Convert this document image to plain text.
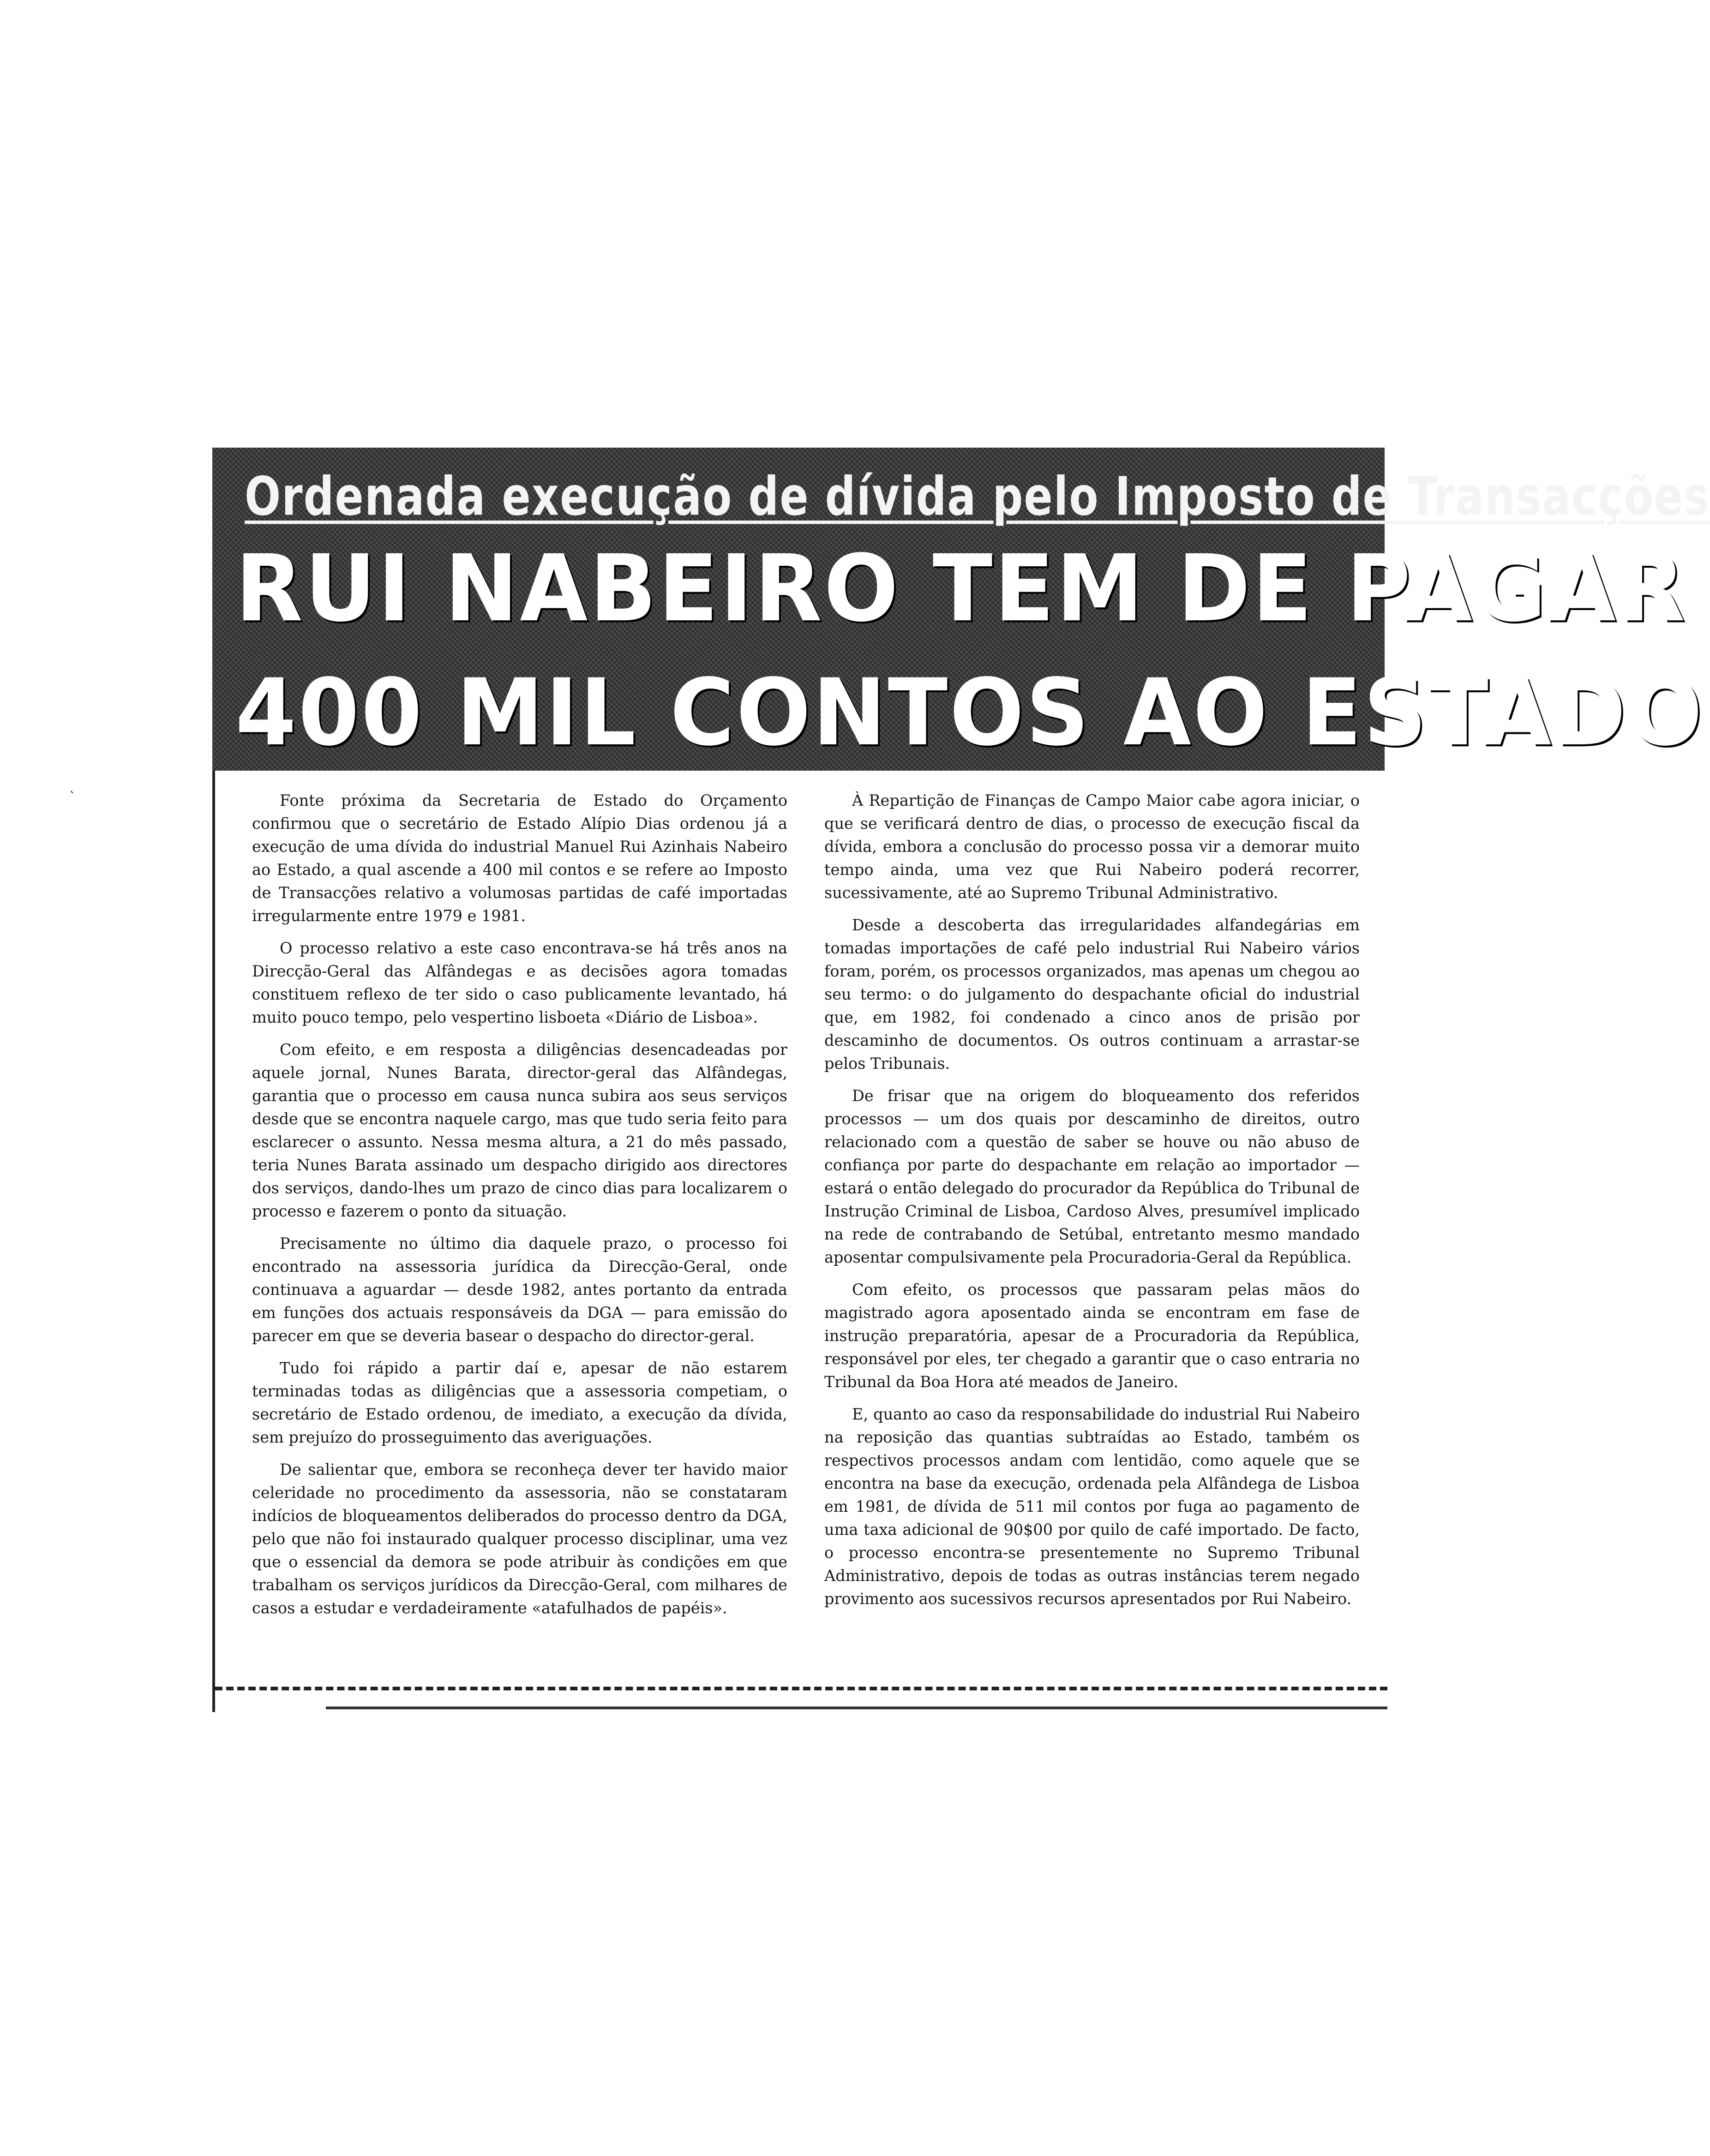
ˋ
Ordenada execução de dívida pelo Imposto de Transacções
RUI NABEIRO TEM DE PAGAR
400 MIL CONTOS AO ESTADO

Fonte próxima da Secretaria de Estado do Orçamento confirmou que o secretário de Estado Alípio Dias ordenou já a execução de uma dívida do industrial Manuel Rui Azinhais Nabeiro ao Estado, a qual ascende a 400 mil contos e se refere ao Imposto de Transacções relativo a volumosas partidas de café importadas irregularmente entre 1979 e 1981.

O processo relativo a este caso encontrava-se há três anos na Direcção-Geral das Alfândegas e as decisões agora tomadas constituem reflexo de ter sido o caso publicamente levantado, há muito pouco tempo, pelo vespertino lisboeta «Diário de Lisboa».

Com efeito, e em resposta a diligências desencadeadas por aquele jornal, Nunes Barata, director-geral das Alfândegas, garantia que o processo em causa nunca subira aos seus serviços desde que se encontra naquele cargo, mas que tudo seria feito para esclarecer o assunto. Nessa mesma altura, a 21 do mês passado, teria Nunes Barata assinado um despacho dirigido aos directores dos serviços, dando-lhes um prazo de cinco dias para localizarem o processo e fazerem o ponto da situação.

Precisamente no último dia daquele prazo, o processo foi encontrado na assessoria jurídica da Direcção-Geral, onde continuava a aguardar — desde 1982, antes portanto da entrada em funções dos actuais responsáveis da DGA — para emissão do parecer em que se deveria basear o despacho do director-geral.

Tudo foi rápido a partir daí e, apesar de não estarem terminadas todas as diligências que a assessoria competiam, o secretário de Estado ordenou, de imediato, a execução da dívida, sem prejuízo do prosseguimento das averiguações.

De salientar que, embora se reconheça dever ter havido maior celeridade no procedimento da assessoria, não se constataram indícios de bloqueamentos deliberados do processo dentro da DGA, pelo que não foi instaurado qualquer processo disciplinar, uma vez que o essencial da demora se pode atribuir às condições em que trabalham os serviços jurídicos da Direcção-Geral, com milhares de casos a estudar e verdadeiramente «atafulhados de papéis».

À Repartição de Finanças de Campo Maior cabe agora iniciar, o que se verificará dentro de dias, o processo de execução fiscal da dívida, embora a conclusão do processo possa vir a demorar muito tempo ainda, uma vez que Rui Nabeiro poderá recorrer, sucessivamente, até ao Supremo Tribunal Administrativo.

Desde a descoberta das irregularidades alfandegárias em tomadas importações de café pelo industrial Rui Nabeiro vários foram, porém, os processos organizados, mas apenas um chegou ao seu termo: o do julgamento do despachante oficial do industrial que, em 1982, foi condenado a cinco anos de prisão por descaminho de documentos. Os outros continuam a arrastar-se pelos Tribunais.

De frisar que na origem do bloqueamento dos referidos processos — um dos quais por descaminho de direitos, outro relacionado com a questão de saber se houve ou não abuso de confiança por parte do despachante em relação ao importador — estará o então delegado do procurador da República do Tribunal de Instrução Criminal de Lisboa, Cardoso Alves, presumível implicado na rede de contrabando de Setúbal, entretanto mesmo mandado aposentar compulsivamente pela Procuradoria-Geral da República.

Com efeito, os processos que passaram pelas mãos do magistrado agora aposentado ainda se encontram em fase de instrução preparatória, apesar de a Procuradoria da República, responsável por eles, ter chegado a garantir que o caso entraria no Tribunal da Boa Hora até meados de Janeiro.

E, quanto ao caso da responsabilidade do industrial Rui Nabeiro na reposição das quantias subtraídas ao Estado, também os respectivos processos andam com lentidão, como aquele que se encontra na base da execução, ordenada pela Alfândega de Lisboa em 1981, de dívida de 511 mil contos por fuga ao pagamento de uma taxa adicional de 90$00 por quilo de café importado. De facto, o processo encontra-se presentemente no Supremo Tribunal Administrativo, depois de todas as outras instâncias terem negado provimento aos sucessivos recursos apresentados por Rui Nabeiro.
